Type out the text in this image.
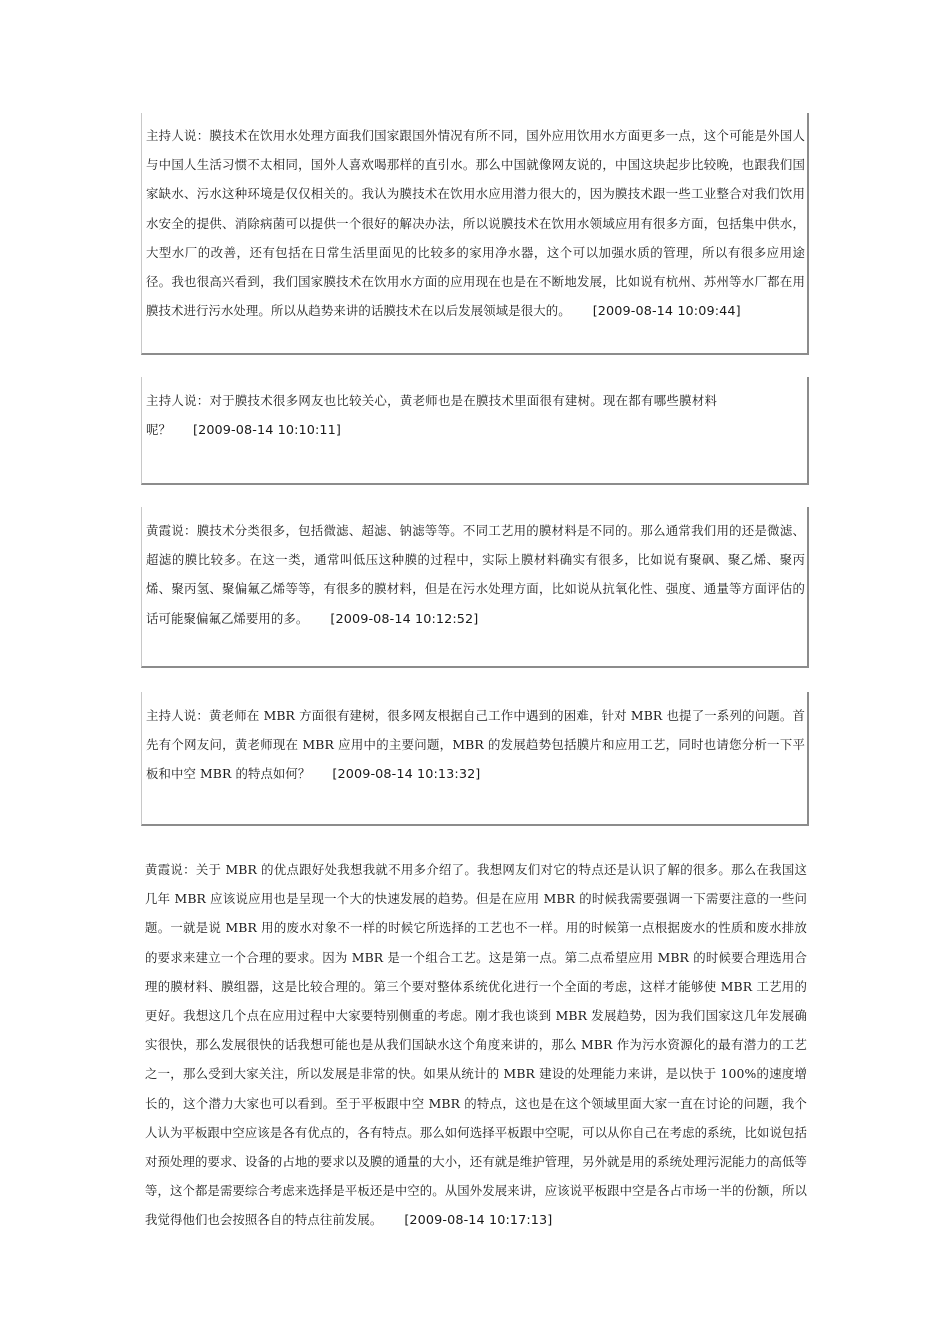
主持人说：膜技术在饮用水处理方面我们国家跟国外情况有所不同，国外应用饮用水方面更多一点，这个可能是外国人与中国人生活习惯不太相同，国外人喜欢喝那样的直引水。那么中国就像网友说的，中国这块起步比较晚，也跟我们国家缺水、污水这种环境是仅仅相关的。我认为膜技术在饮用水应用潜力很大的，因为膜技术跟一些工业整合对我们饮用水安全的提供、消除病菌可以提供一个很好的解决办法，所以说膜技术在饮用水领域应用有很多方面，包括集中供水，大型水厂的改善，还有包括在日常生活里面见的比较多的家用净水器，这个可以加强水质的管理，所以有很多应用途径。我也很高兴看到，我们国家膜技术在饮用水方面的应用现在也是在不断地发展，比如说有杭州、苏州等水厂都在用膜技术进行污水处理。所以从趋势来讲的话膜技术在以后发展领域是很大的。 [2009-08-14 10:09:44]

主持人说：对于膜技术很多网友也比较关心，黄老师也是在膜技术里面很有建树。现在都有哪些膜材料呢？ [2009-08-14 10:10:11]

黄霞说：膜技术分类很多，包括微滤、超滤、钠滤等等。不同工艺用的膜材料是不同的。那么通常我们用的还是微滤、超滤的膜比较多。在这一类，通常叫低压这种膜的过程中，实际上膜材料确实有很多，比如说有聚砜、聚乙烯、聚丙烯、聚丙氢、聚偏氟乙烯等等，有很多的膜材料，但是在污水处理方面，比如说从抗氧化性、强度、通量等方面评估的话可能聚偏氟乙烯要用的多。 [2009-08-14 10:12:52]

主持人说：黄老师在 MBR 方面很有建树，很多网友根据自己工作中遇到的困难，针对 MBR 也提了一系列的问题。首先有个网友问，黄老师现在 MBR 应用中的主要问题，MBR 的发展趋势包括膜片和应用工艺，同时也请您分析一下平板和中空 MBR 的特点如何？ [2009-08-14 10:13:32]

黄霞说：关于 MBR 的优点跟好处我想我就不用多介绍了。我想网友们对它的特点还是认识了解的很多。那么在我国这几年 MBR 应该说应用也是呈现一个大的快速发展的趋势。但是在应用 MBR 的时候我需要强调一下需要注意的一些问题。一就是说 MBR 用的废水对象不一样的时候它所选择的工艺也不一样。用的时候第一点根据废水的性质和废水排放的要求来建立一个合理的要求。因为 MBR 是一个组合工艺。这是第一点。第二点希望应用 MBR 的时候要合理选用合理的膜材料、膜组器，这是比较合理的。第三个要对整体系统优化进行一个全面的考虑，这样才能够使 MBR 工艺用的更好。我想这几个点在应用过程中大家要特别侧重的考虑。刚才我也谈到 MBR 发展趋势，因为我们国家这几年发展确实很快，那么发展很快的话我想可能也是从我们国缺水这个角度来讲的，那么 MBR 作为污水资源化的最有潜力的工艺之一，那么受到大家关注，所以发展是非常的快。如果从统计的 MBR 建设的处理能力来讲，是以快于 100%的速度增长的，这个潜力大家也可以看到。至于平板跟中空 MBR 的特点，这也是在这个领域里面大家一直在讨论的问题，我个人认为平板跟中空应该是各有优点的，各有特点。那么如何选择平板跟中空呢，可以从你自己在考虑的系统，比如说包括对预处理的要求、设备的占地的要求以及膜的通量的大小，还有就是维护管理，另外就是用的系统处理污泥能力的高低等等，这个都是需要综合考虑来选择是平板还是中空的。从国外发展来讲，应该说平板跟中空是各占市场一半的份额，所以我觉得他们也会按照各自的特点往前发展。 [2009-08-14 10:17:13]
